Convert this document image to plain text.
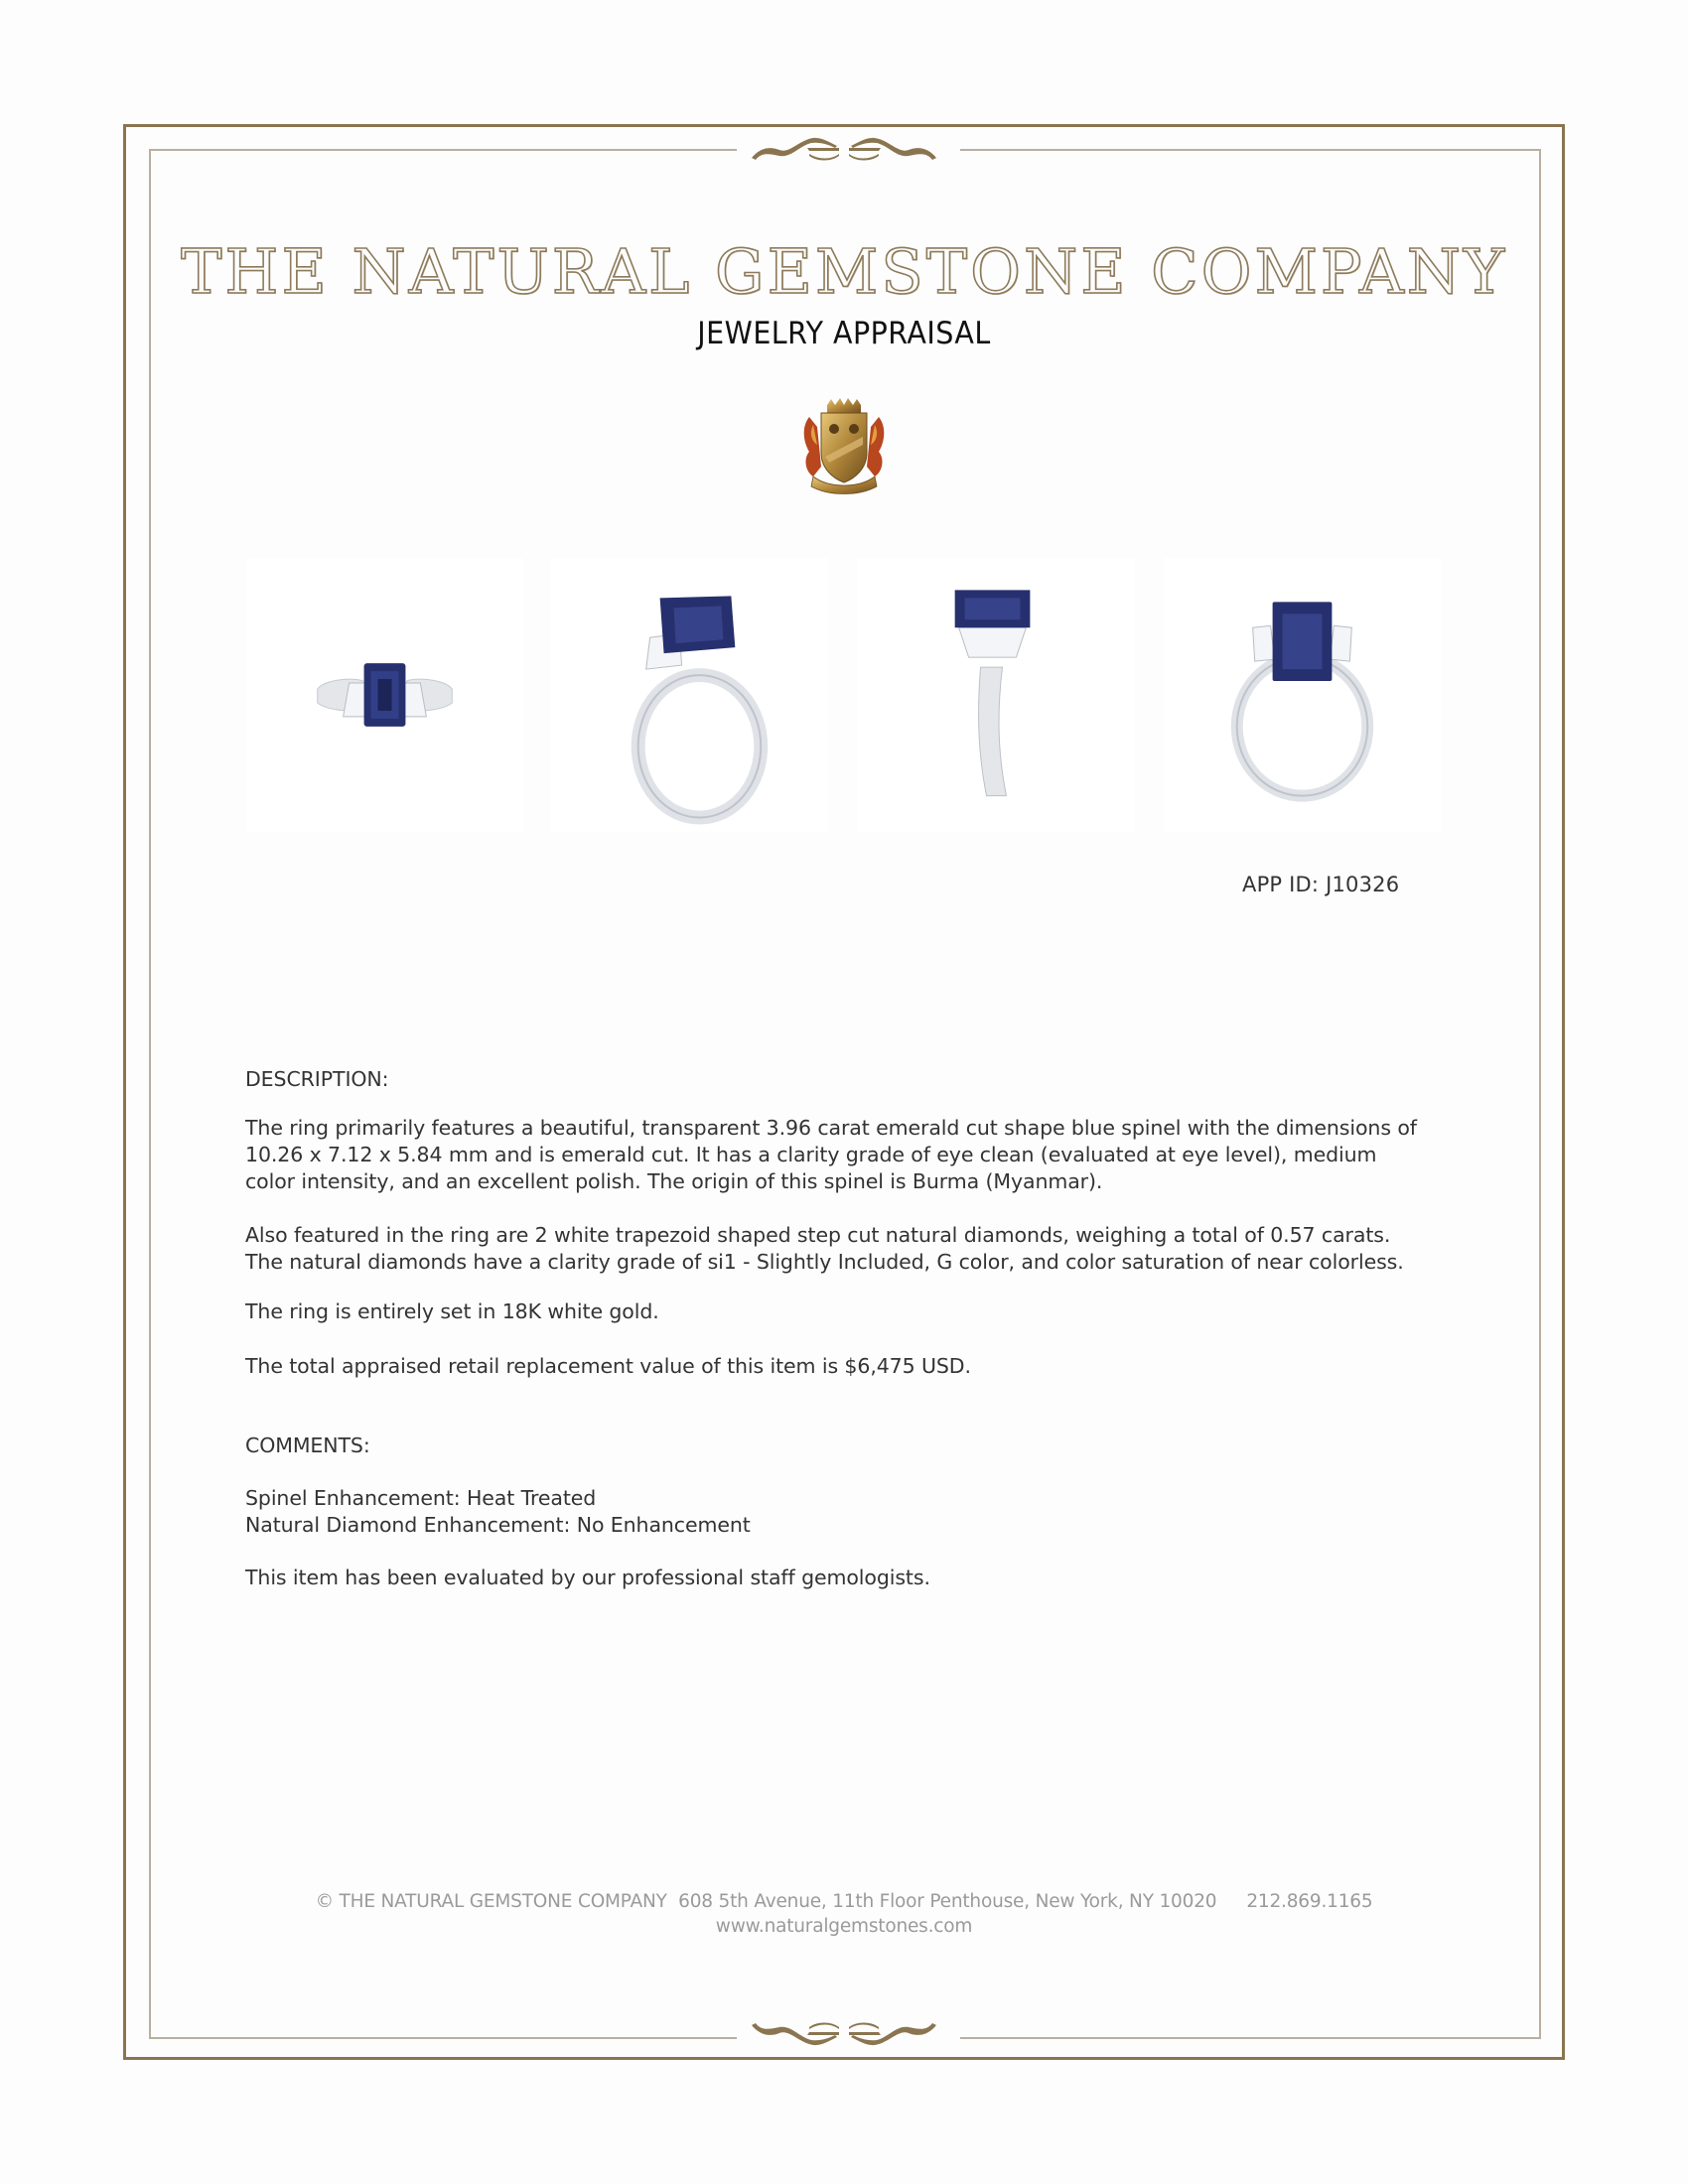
THE NATURAL GEMSTONE COMPANY
JEWELRY APPRAISAL
APP ID: J10326

DESCRIPTION:

The ring primarily features a beautiful, transparent 3.96 carat emerald cut shape blue spinel with the dimensions of

10.26 x 7.12 x 5.84 mm and is emerald cut. It has a clarity grade of eye clean (evaluated at eye level), medium

color intensity, and an excellent polish. The origin of this spinel is Burma (Myanmar).

Also featured in the ring are 2 white trapezoid shaped step cut natural diamonds, weighing a total of 0.57 carats.

The natural diamonds have a clarity grade of si1 - Slightly Included, G color, and color saturation of near colorless.

The ring is entirely set in 18K white gold.

The total appraised retail replacement value of this item is $6,475 USD.

COMMENTS:

Spinel Enhancement: Heat Treated

Natural Diamond Enhancement: No Enhancement

This item has been evaluated by our professional staff gemologists.

© THE NATURAL GEMSTONE COMPANY 608 5th Avenue, 11th Floor Penthouse, New York, NY 10020 212.869.1165
www.naturalgemstones.com
